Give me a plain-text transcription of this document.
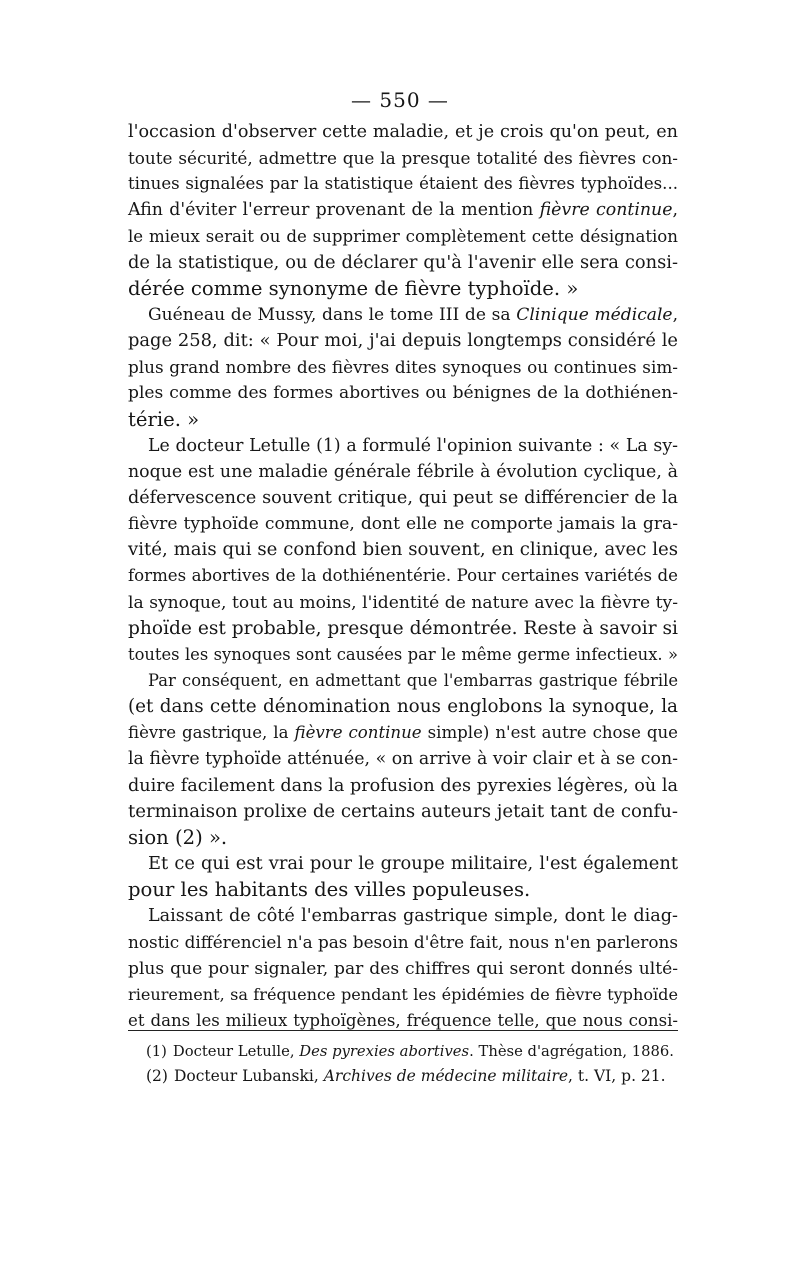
— 550 —
l'occasion d'observer cette maladie, et je crois qu'on peut, en
toute sécurité, admettre que la presque totalité des fièvres con-
tinues signalées par la statistique étaient des fièvres typhoïdes...
Afin d'éviter l'erreur provenant de la mention fièvre continue,
le mieux serait ou de supprimer complètement cette désignation
de la statistique, ou de déclarer qu'à l'avenir elle sera consi-
dérée comme synonyme de fièvre typhoïde. »
Guéneau de Mussy, dans le tome III de sa Clinique médicale,
page 258, dit: « Pour moi, j'ai depuis longtemps considéré le
plus grand nombre des fièvres dites synoques ou continues sim-
ples comme des formes abortives ou bénignes de la dothiénen-
térie. »
Le docteur Letulle (1) a formulé l'opinion suivante : « La sy-
noque est une maladie générale fébrile à évolution cyclique, à
défervescence souvent critique, qui peut se différencier de la
fièvre typhoïde commune, dont elle ne comporte jamais la gra-
vité, mais qui se confond bien souvent, en clinique, avec les
formes abortives de la dothiénentérie. Pour certaines variétés de
la synoque, tout au moins, l'identité de nature avec la fièvre ty-
phoïde est probable, presque démontrée. Reste à savoir si
toutes les synoques sont causées par le même germe infectieux. »
Par conséquent, en admettant que l'embarras gastrique fébrile
(et dans cette dénomination nous englobons la synoque, la
fièvre gastrique, la fièvre continue simple) n'est autre chose que
la fièvre typhoïde atténuée, « on arrive à voir clair et à se con-
duire facilement dans la profusion des pyrexies légères, où la
terminaison prolixe de certains auteurs jetait tant de confu-
sion (2) ».
Et ce qui est vrai pour le groupe militaire, l'est également
pour les habitants des villes populeuses.
Laissant de côté l'embarras gastrique simple, dont le diag-
nostic différenciel n'a pas besoin d'être fait, nous n'en parlerons
plus que pour signaler, par des chiffres qui seront donnés ulté-
rieurement, sa fréquence pendant les épidémies de fièvre typhoïde
et dans les milieux typhoïgènes, fréquence telle, que nous consi-
(1) Docteur Letulle, Des pyrexies abortives. Thèse d'agrégation, 1886.
(2) Docteur Lubanski, Archives de médecine militaire, t. VI, p. 21.
